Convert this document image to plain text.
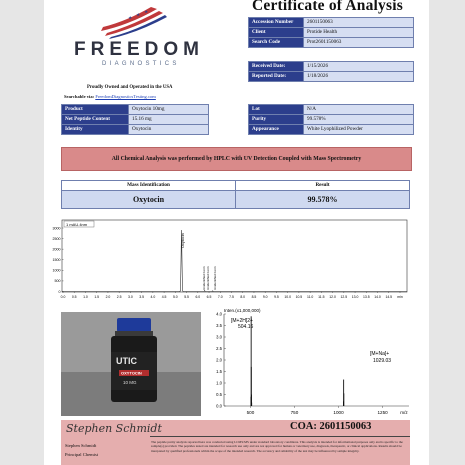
FREEDOM
DIAGNOSTICS
Proudly Owned and Operated in the USA
Searchable via: FreedomDiagnosticsTesting.com
Certificate of Analysis
Accession Number	2601150063
Client	Protide Health
Search Code	Prot2601150063
Received Date:	1/15/2026
Reported Date:	1/18/2026
Product	Oxytocin 10mg
Net Peptide Content	15.16 mg
Identity	Oxytocin
Lot	N/A
Purity	99.578%
Appearance	White Lyophilized Powder
All Chemical Analysis was performed by HPLC with UV Detection Coupled with Mass Spectrometry
Mass Identification	Result
Oxytocin	99.578%
1 mAU.4nm
3000
2500
2000
1500
1000
500
0
0.0 0.5 1.0 1.5 2.0 2.5 3.0 3.5 4.0 4.5 5.0 5.5 6.0 6.5 7.0 7.5 8.0 8.5 9.0 9.5 10.0 10.5 11.0 11.5 12.0 12.5 13.0 13.5 14.0 14.5 min
Oxytocin
Unidentified Form Unidentified Form Unidentified Form
UTIC
OXYTOCIN
10 MG
Inten.(x1,000,000)
4.0
3.5
3.0
2.5
2.0
1.5
1.0
0.5
0.0
500	750	1000	1250	m/z
[M+2H]2+
504.16
[M+Na]+
1029.03
Stephen Schmidt	COA: 2601150063
Stephen Schmidt
Principal Chemist
The peptide purity analysis reported here was conducted using LCMS/MS under standard laboratory conditions. This analysis is intended for informational purposes only and is specific to the sample(s) provided. The peptides tested are intended for research use only and are not approved for human or veterinary use, diagnosis, therapeutic, or clinical applications. Results should be interpreted by qualified professionals within the scope of the intended research. The accuracy and reliability of the test may be influenced by sample integrity.
